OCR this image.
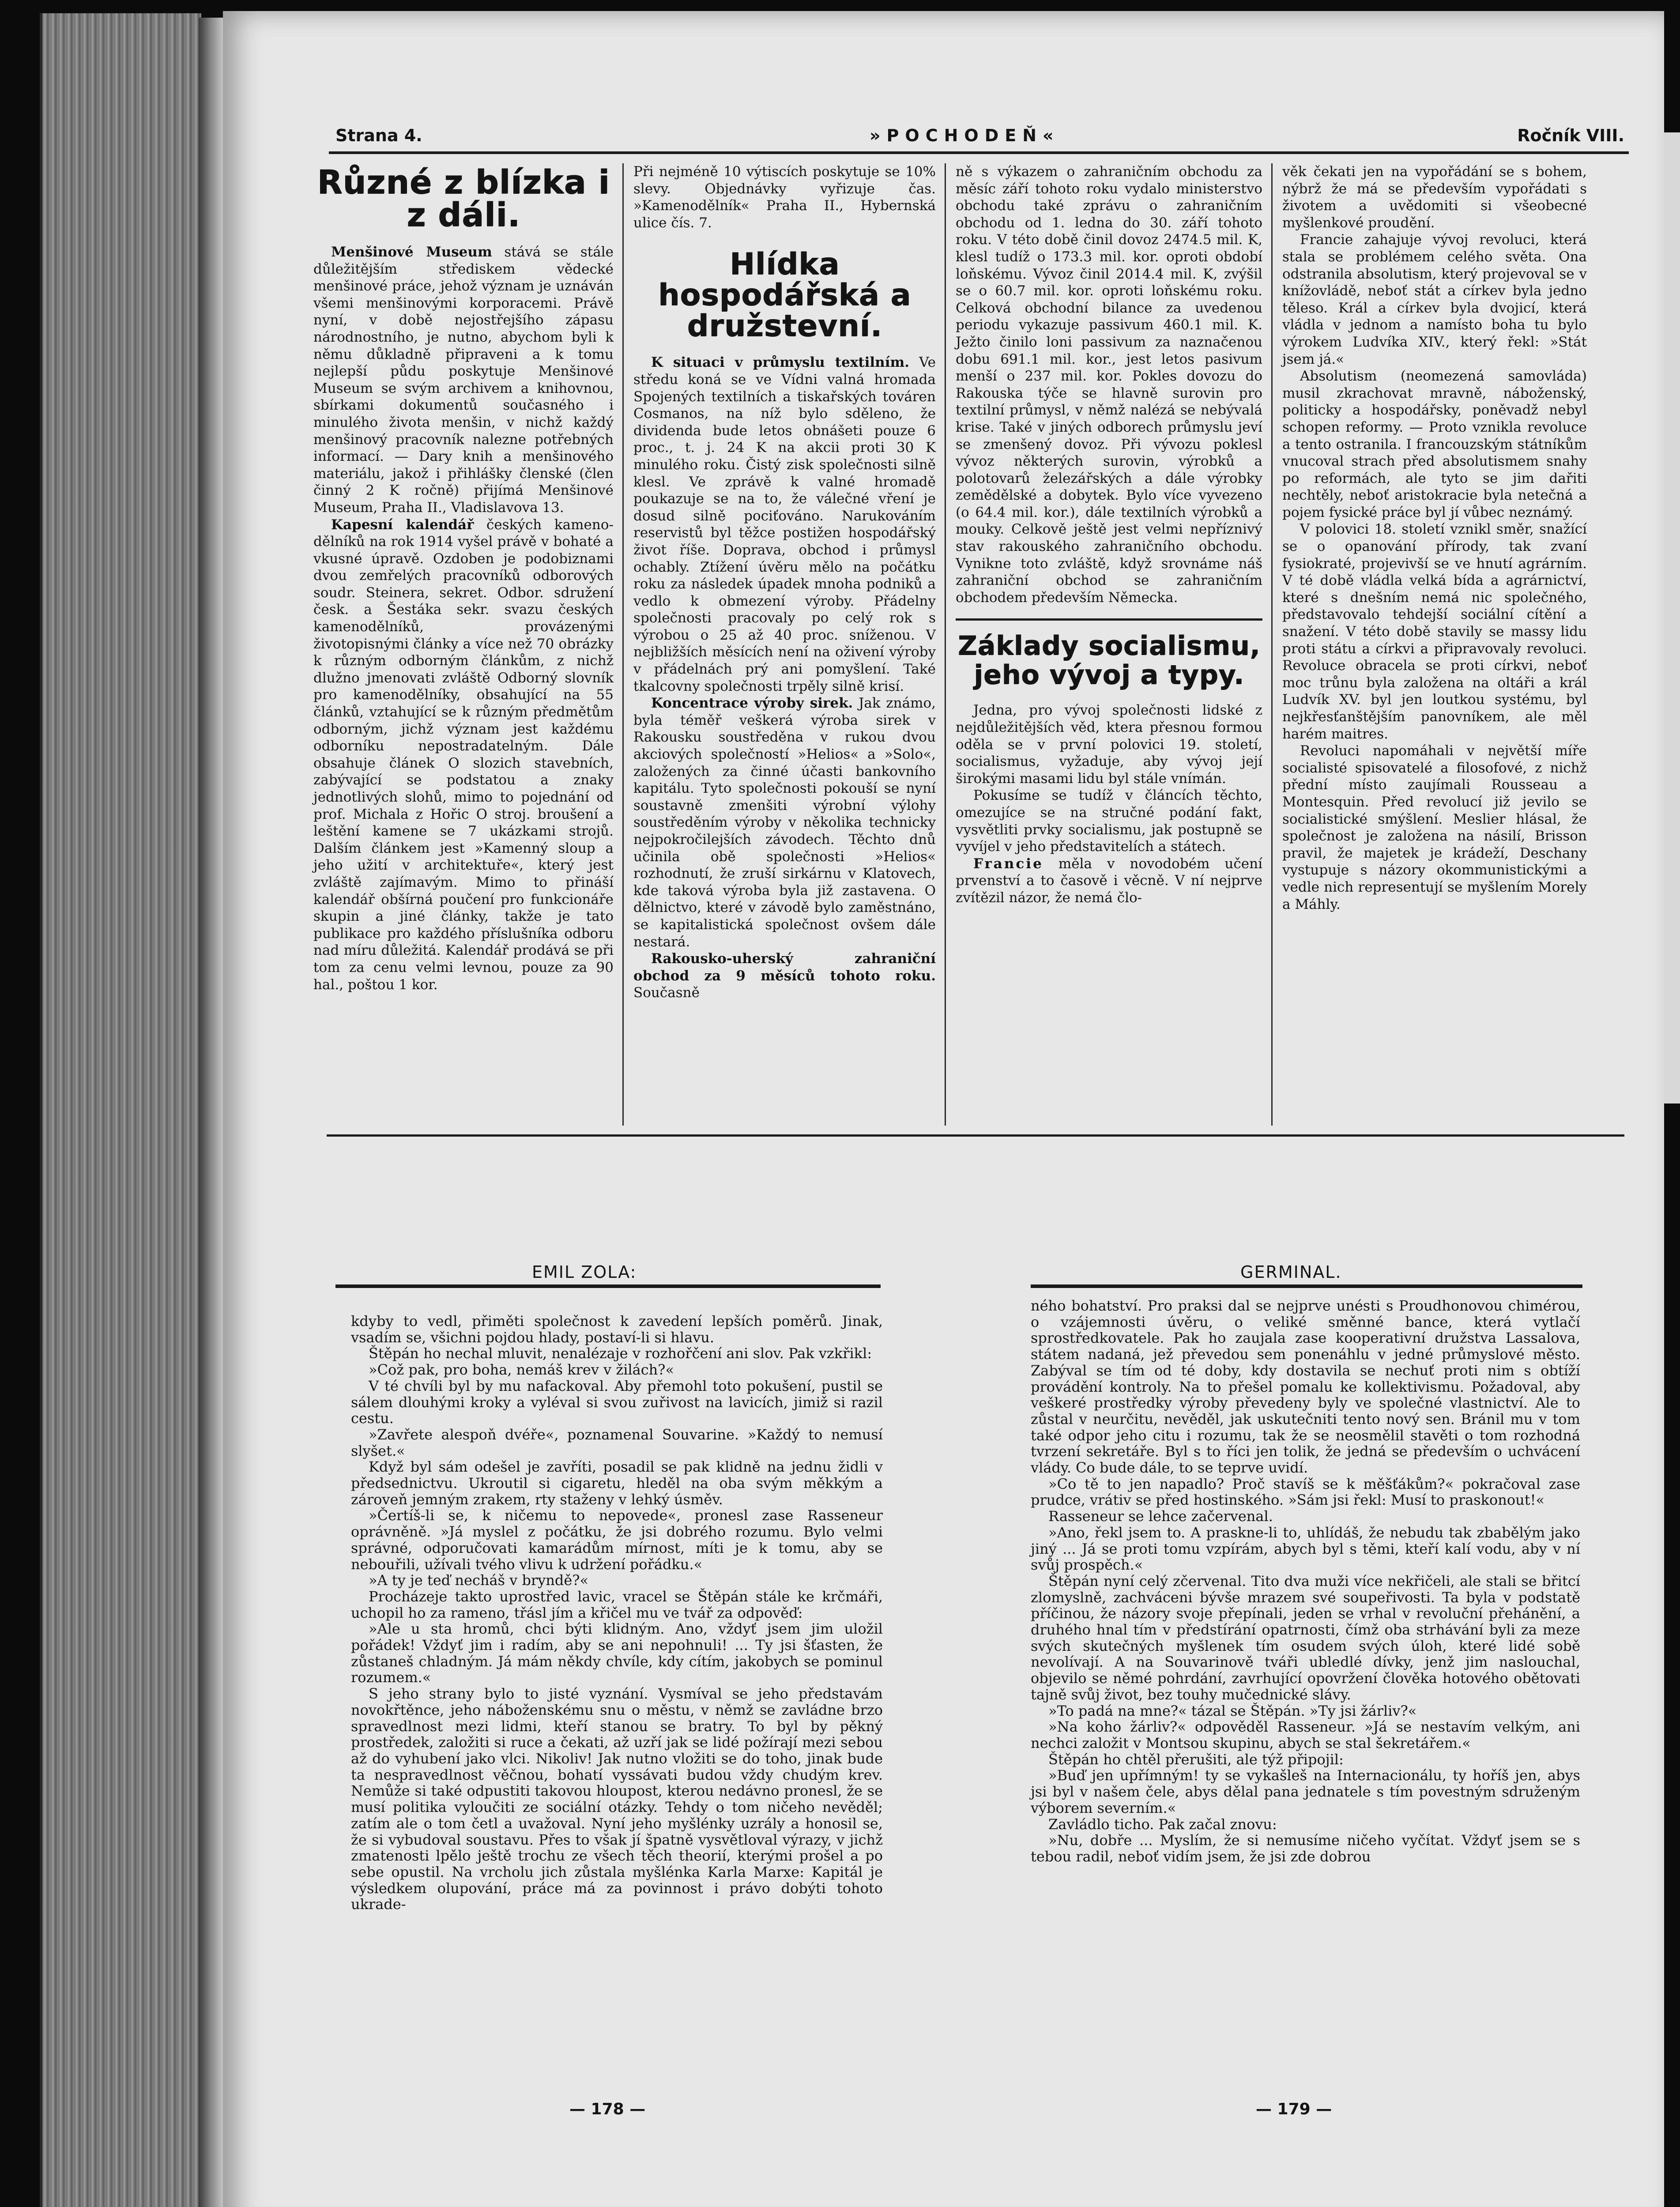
Strana 4.	»POCHODEŇ«	Ročník VIII.
Různé z blízka i z dáli.

Menšinové Museum stává se stále důležitějším střediskem vědecké menšinové práce, jehož význam je uznáván všemi menšinovými korporacemi. Právě nyní, v době nejostřejšího zápasu národnostního, je nutno, abychom byli k němu důkladně připraveni a k tomu nejlepší půdu poskytuje Menšinové Museum se svým archivem a knihovnou, sbírkami dokumentů současného i minulého života menšin, v nichž každý menšinový pracovník nalezne potřebných informací. — Dary knih a menšinového materiálu, jakož i přihlášky členské (člen činný 2 K ročně) přijímá Menšinové Museum, Praha II., Vladislavova 13.

Kapesní kalendář českých kamenodělníků na rok 1914 vyšel právě v bohaté a vkusné úpravě. Ozdoben je podobiznami dvou zemřelých pracovníků odborových soudr. Steinera, sekret. Odbor. sdružení česk. a Šestáka sekr. svazu českých kamenodělníků, provázenými životopisnými články a více než 70 obrázky k různým odborným článkům, z nichž dlužno jmenovati zvláště Odborný slovník pro kamenodělníky, obsahující na 55 článků, vztahující se k různým předmětům odborným, jichž význam jest každému odborníku nepostradatelným. Dále obsahuje článek O slozich stavebních, zabývající se podstatou a znaky jednotlivých slohů, mimo to pojednání od prof. Michala z Hořic O stroj. broušení a leštění kamene se 7 ukázkami strojů. Dalším článkem jest »Kamenný sloup a jeho užití v architektuře«, který jest zvláště zajímavým. Mimo to přináší kalendář obšírná poučení pro funkcionáře skupin a jiné články, takže je tato publikace pro každého příslušníka odboru nad míru důležitá. Kalendář prodává se při tom za cenu velmi levnou, pouze za 90 hal., poštou 1 kor.

Při nejméně 10 výtiscích poskytuje se 10% slevy. Objednávky vyřizuje čas. »Kamenodělník« Praha II., Hybernská ulice čís. 7.

Hlídka hospodářská a družstevní.

K situaci v průmyslu textilním. Ve středu koná se ve Vídni valná hromada Spojených textilních a tiskařských továren Cosmanos, na níž bylo sděleno, že dividenda bude letos obnášeti pouze 6 proc., t. j. 24 K na akcii proti 30 K minulého roku. Čistý zisk společnosti silně klesl. Ve zprávě k valné hromadě poukazuje se na to, že válečné vření je dosud silně pociťováno. Narukováním reservistů byl těžce postižen hospodářský život říše. Doprava, obchod i průmysl ochably. Ztížení úvěru mělo na počátku roku za následek úpadek mnoha podniků a vedlo k obmezení výroby. Přádelny společnosti pracovaly po celý rok s výrobou o 25 až 40 proc. sníženou. V nejbližších měsících není na oživení výroby v přádelnách prý ani pomyšlení. Také tkalcovny společnosti trpěly silně krisí.

Koncentrace výroby sirek. Jak známo, byla téměř veškerá výroba sirek v Rakousku soustředěna v rukou dvou akciových společností »Helios« a »Solo«, založených za činné účasti bankovního kapitálu. Tyto společnosti pokouší se nyní soustavně zmenšiti výrobní výlohy soustředěním výroby v několika technicky nejpokročilejších závodech. Těchto dnů učinila obě společnosti »Helios« rozhodnutí, že zruší sirkárnu v Klatovech, kde taková výroba byla již zastavena. O dělnictvo, které v závodě bylo zaměstnáno, se kapitalistická společnost ovšem dále nestará.

Rakousko-uherský zahraniční obchod za 9 měsíců tohoto roku. Současně

ně s výkazem o zahraničním obchodu za měsíc září tohoto roku vydalo ministerstvo obchodu také zprávu o zahraničním obchodu od 1. ledna do 30. září tohoto roku. V této době činil dovoz 2474.5 mil. K, klesl tudíž o 173.3 mil. kor. oproti období loňskému. Vývoz činil 2014.4 mil. K, zvýšil se o 60.7 mil. kor. oproti loňskému roku. Celková obchodní bilance za uvedenou periodu vykazuje passivum 460.1 mil. K. Ježto činilo loni passivum za naznačenou dobu 691.1 mil. kor., jest letos pasivum menší o 237 mil. kor. Pokles dovozu do Rakouska týče se hlavně surovin pro textilní průmysl, v němž nalézá se nebývalá krise. Také v jiných odborech průmyslu jeví se zmenšený dovoz. Při vývozu poklesl vývoz některých surovin, výrobků a polotovarů železářských a dále výrobky zemědělské a dobytek. Bylo více vyvezeno (o 64.4 mil. kor.), dále textilních výrobků a mouky. Celkově ještě jest velmi nepříznivý stav rakouského zahraničního obchodu. Vynikne toto zvláště, když srovnáme náš zahraniční obchod se zahraničním obchodem především Německa.

Základy socialismu, jeho vývoj a typy.

Jedna, pro vývoj společnosti lidské z nejdůležitějších věd, ktera přesnou formou oděla se v první polovici 19. století, socialismus, vyžaduje, aby vývoj její širokými masami lidu byl stále vnímán.

Pokusíme se tudíž v článcích těchto, omezujíce se na stručné podání fakt, vysvětliti prvky socialismu, jak postupně se vyvíjel v jeho představitelích a státech.

Francie měla v novodobém učení prvenství a to časově i věcně. V ní nejprve zvítězil názor, že nemá člo-

věk čekati jen na vypořádání se s bohem, nýbrž že má se především vypořádati s životem a uvědomiti si všeobecné myšlenkové proudění.

Francie zahajuje vývoj revoluci, která stala se problémem celého světa. Ona odstranila absolutism, který projevoval se v knížovládě, neboť stát a církev byla jedno těleso. Král a církev byla dvojicí, která vládla v jednom a namísto boha tu bylo výrokem Ludvíka XIV., který řekl: »Stát jsem já.«

Absolutism (neomezená samovláda) musil zkrachovat mravně, náboženský, politicky a hospodářsky, poněvadž nebyl schopen reformy. — Proto vznikla revoluce a tento ostranila. I francouzským státníkům vnucoval strach před absolutismem snahy po reformách, ale tyto se jim dařiti nechtěly, neboť aristokracie byla netečná a pojem fysické práce byl jí vůbec neznámý.

V polovici 18. století vznikl směr, snažící se o opanování přírody, tak zvaní fysiokraté, projevivší se ve hnutí agrárním. V té době vládla velká bída a agrárnictví, které s dnešním nemá nic společného, představovalo tehdejší sociální cítění a snažení. V této době stavily se massy lidu proti státu a církvi a připravovaly revoluci. Revoluce obracela se proti církvi, neboť moc trůnu byla založena na oltáři a král Ludvík XV. byl jen loutkou systému, byl nejkřesťanštějším panovníkem, ale měl harém maitres.

Revoluci napomáhali v největší míře socialisté spisovatelé a filosofové, z nichž přední místo zaujímali Rousseau a Montesquin. Před revolucí již jevilo se socialistické smýšlení. Meslier hlásal, že společnost je založena na násilí, Brisson pravil, že majetek je krádeží, Deschany vystupuje s názory okommunistickými a vedle nich representují se myšlením Morely a Máhly.

EMIL ZOLA:	GERMINAL.

kdyby to vedl, přiměti společnost k zavedení lepších poměrů. Jinak, vsadím se, všichni pojdou hlady, postaví-li si hlavu.

Štěpán ho nechal mluvit, nenalézaje v rozhořčení ani slov. Pak vzkřikl:

»Což pak, pro boha, nemáš krev v žilách?«

V té chvíli byl by mu nafackoval. Aby přemohl toto pokušení, pustil se sálem dlouhými kroky a vyléval si svou zuřivost na lavicích, jimiž si razil cestu.

»Zavřete alespoň dvéře«, poznamenal Souvarine. »Každý to nemusí slyšet.«

Když byl sám odešel je zavříti, posadil se pak klidně na jednu židli v předsednictvu. Ukroutil si cigaretu, hleděl na oba svým měkkým a zároveň jemným zrakem, rty staženy v lehký úsměv.

»Čertíš-li se, k ničemu to nepovede«, pronesl zase Rasseneur oprávněně. »Já myslel z počátku, že jsi dobrého rozumu. Bylo velmi správné, odporučovati kamarádům mírnost, míti je k tomu, aby se nebouřili, užívali tvého vlivu k udržení pořádku.«

»A ty je teď necháš v bryndě?«

Procházeje takto uprostřed lavic, vracel se Štěpán stále ke krčmáři, uchopil ho za rameno, třásl jím a křičel mu ve tvář za odpověď:

»Ale u sta hromů, chci býti klidným. Ano, vždyť jsem jim uložil pořádek! Vždyť jim i radím, aby se ani nepohnuli! ... Ty jsi šťasten, že zůstaneš chladným. Já mám někdy chvíle, kdy cítím, jakobych se pominul rozumem.«

S jeho strany bylo to jisté vyznání. Vysmíval se jeho představám novokřtěnce, jeho náboženskému snu o městu, v němž se zavládne brzo spravedlnost mezi lidmi, kteří stanou se bratry. To byl by pěkný prostředek, založiti si ruce a čekati, až uzří jak se lidé požírají mezi sebou až do vyhubení jako vlci. Nikoliv! Jak nutno vložiti se do toho, jinak bude ta nespravedlnost věčnou, bohatí vyssávati budou vždy chudým krev. Nemůže si také odpustiti takovou hloupost, kterou nedávno pronesl, že se musí politika vyloučiti ze sociální otázky. Tehdy o tom ničeho nevěděl; zatím ale o tom četl a uvažoval. Nyní jeho myšlénky uzrály a honosil se, že si vybudoval soustavu. Přes to však jí špatně vysvětloval výrazy, v jichž zmatenosti lpělo ještě trochu ze všech těch theorií, kterými prošel a po sebe opustil. Na vrcholu jich zůstala myšlénka Karla Marxe: Kapitál je výsledkem olupování, práce má za povinnost i právo dobýti tohoto ukrade-

ného bohatství. Pro praksi dal se nejprve unésti s Proudhonovou chimérou, o vzájemnosti úvěru, o veliké směnné bance, která vytlačí sprostředkovatele. Pak ho zaujala zase kooperativní družstva Lassalova, státem nadaná, jež převedou sem ponenáhlu v jedné průmyslové město. Zabýval se tím od té doby, kdy dostavila se nechuť proti nim s obtíží provádění kontroly. Na to přešel pomalu ke kollektivismu. Požadoval, aby veškeré prostředky výroby převedeny byly ve společné vlastnictví. Ale to zůstal v neurčitu, nevěděl, jak uskutečniti tento nový sen. Bránil mu v tom také odpor jeho citu i rozumu, tak že se neosmělil stavěti o tom rozhodná tvrzení sekretáře. Byl s to říci jen tolik, že jedná se především o uchvácení vlády. Co bude dále, to se teprve uvidí.

»Co tě to jen napadlo? Proč stavíš se k měšťákům?« pokračoval zase prudce, vrátiv se před hostinského. »Sám jsi řekl: Musí to praskonout!«

Rasseneur se lehce začervenal.

»Ano, řekl jsem to. A praskne-li to, uhlídáš, že nebudu tak zbabělým jako jiný ... Já se proti tomu vzpírám, abych byl s těmi, kteří kalí vodu, aby v ní svůj prospěch.«

Štěpán nyní celý zčervenal. Tito dva muži více nekřičeli, ale stali se břitcí zlomyslně, zachváceni bývše mrazem své soupeřivosti. Ta byla v podstatě příčinou, že názory svoje přepínali, jeden se vrhal v revoluční přehánění, a druhého hnal tím v předstírání opatrnosti, čímž oba strhávání byli za meze svých skutečných myšlenek tím osudem svých úloh, které lidé sobě nevolívají. A na Souvarinově tváři ubledlé dívky, jenž jim naslouchal, objevilo se němé pohrdání, zavrhující opovržení člověka hotového obětovati tajně svůj život, bez touhy mučednické slávy.

»To padá na mne?« tázal se Štěpán. »Ty jsi žárliv?«

»Na koho žárliv?« odpověděl Rasseneur. »Já se nestavím velkým, ani nechci založit v Montsou skupinu, abych se stal šekretářem.«

Štěpán ho chtěl přerušiti, ale týž připojil:

»Buď jen upřímným! ty se vykašleš na Internacionálu, ty hoříš jen, abys jsi byl v našem čele, abys dělal pana jednatele s tím povestným sdruženým výborem severním.«

Zavládlo ticho. Pak začal znovu:

»Nu, dobře ... Myslím, že si nemusíme ničeho vyčítat. Vždyť jsem se s tebou radil, neboť vidím jsem, že jsi zde dobrou

— 178 —	— 179 —
